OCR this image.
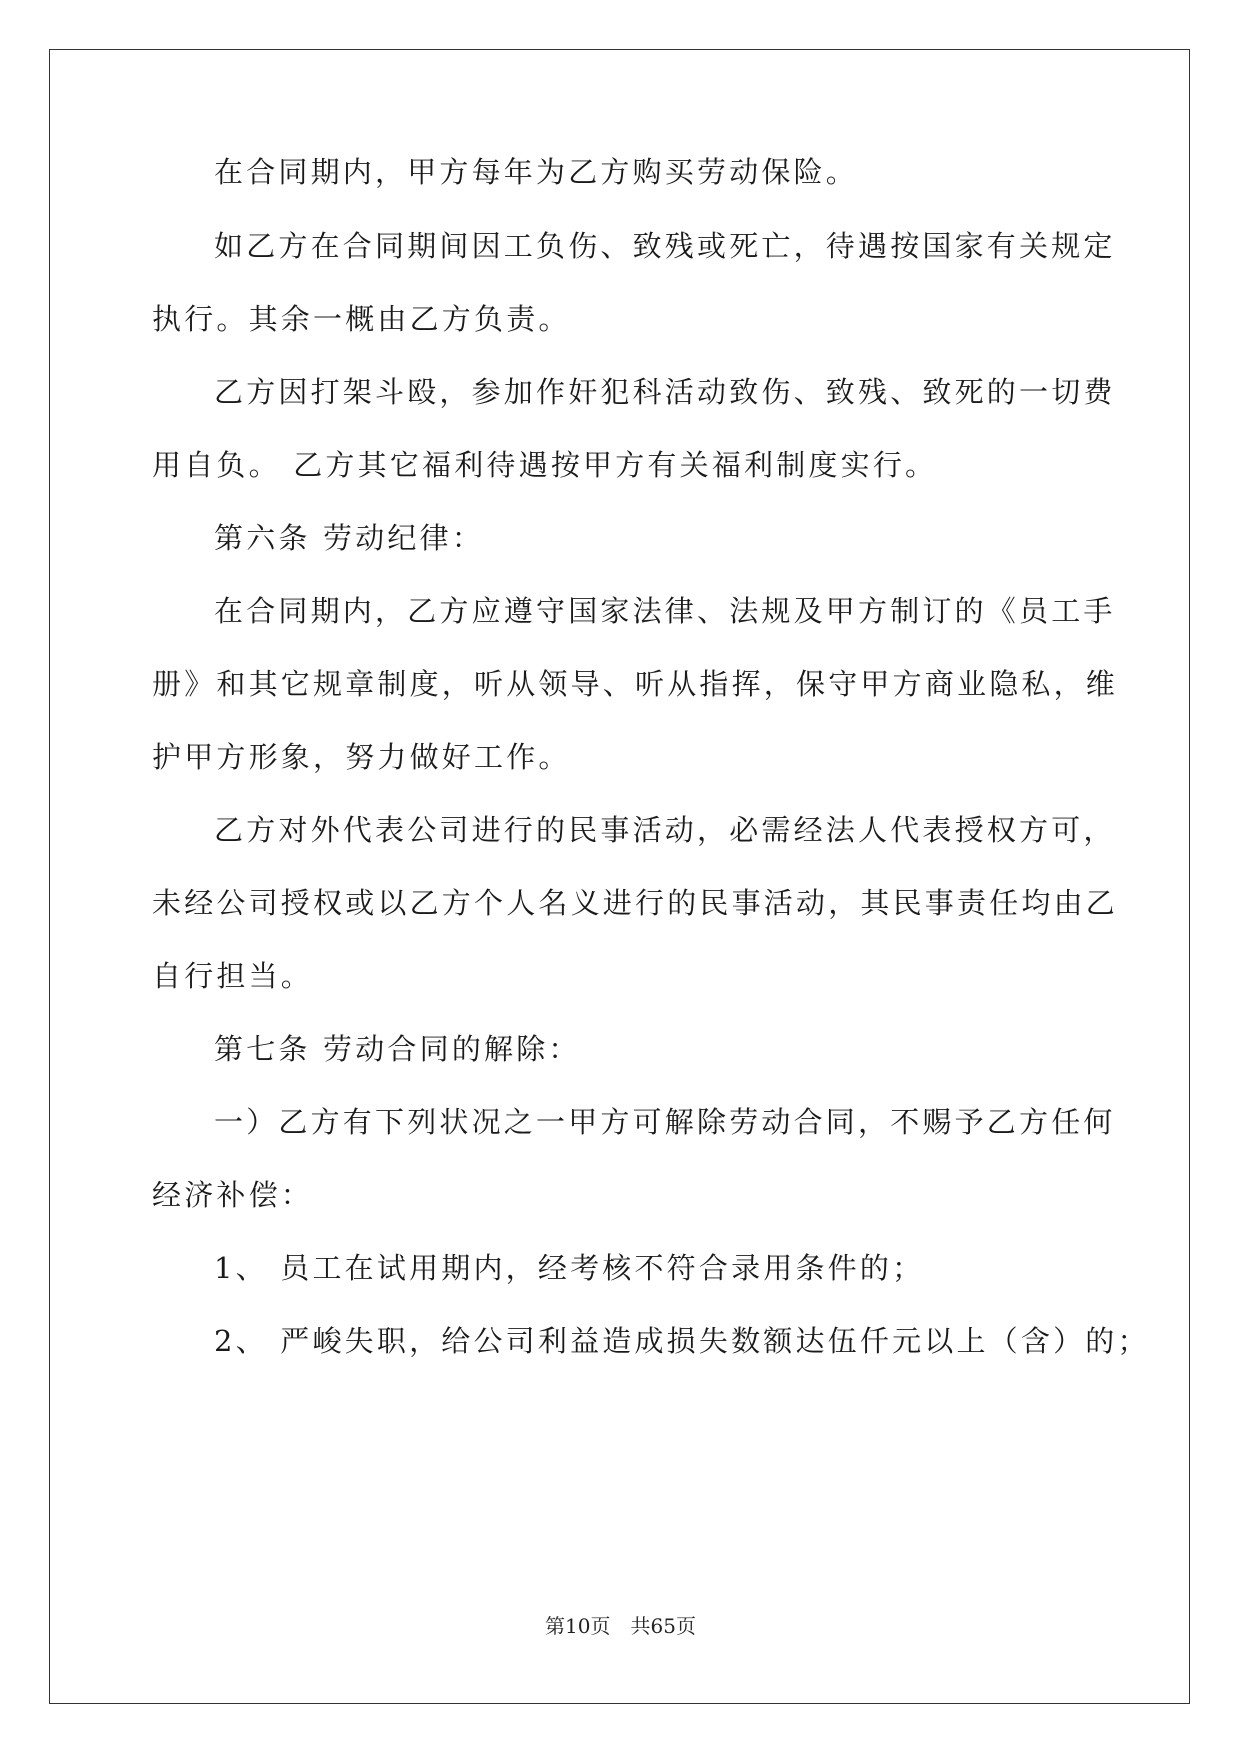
在合同期内，甲方每年为乙方购买劳动保险。
如乙方在合同期间因工负伤、致残或死亡，待遇按国家有关规定
执行。其余一概由乙方负责。
乙方因打架斗殴，参加作奸犯科活动致伤、致残、致死的一切费
用自负。 乙方其它福利待遇按甲方有关福利制度实行。
第六条 劳动纪律：
在合同期内，乙方应遵守国家法律、法规及甲方制订的《员工手
册》和其它规章制度，听从领导、听从指挥，保守甲方商业隐私，维
护甲方形象，努力做好工作。
乙方对外代表公司进行的民事活动，必需经法人代表授权方可，
未经公司授权或以乙方个人名义进行的民事活动，其民事责任均由乙
自行担当。
第七条 劳动合同的解除：
一）乙方有下列状况之一甲方可解除劳动合同，不赐予乙方任何
经济补偿：
1、 员工在试用期内，经考核不符合录用条件的；
2、 严峻失职，给公司利益造成损失数额达伍仟元以上（含）的；
第10页　共65页
